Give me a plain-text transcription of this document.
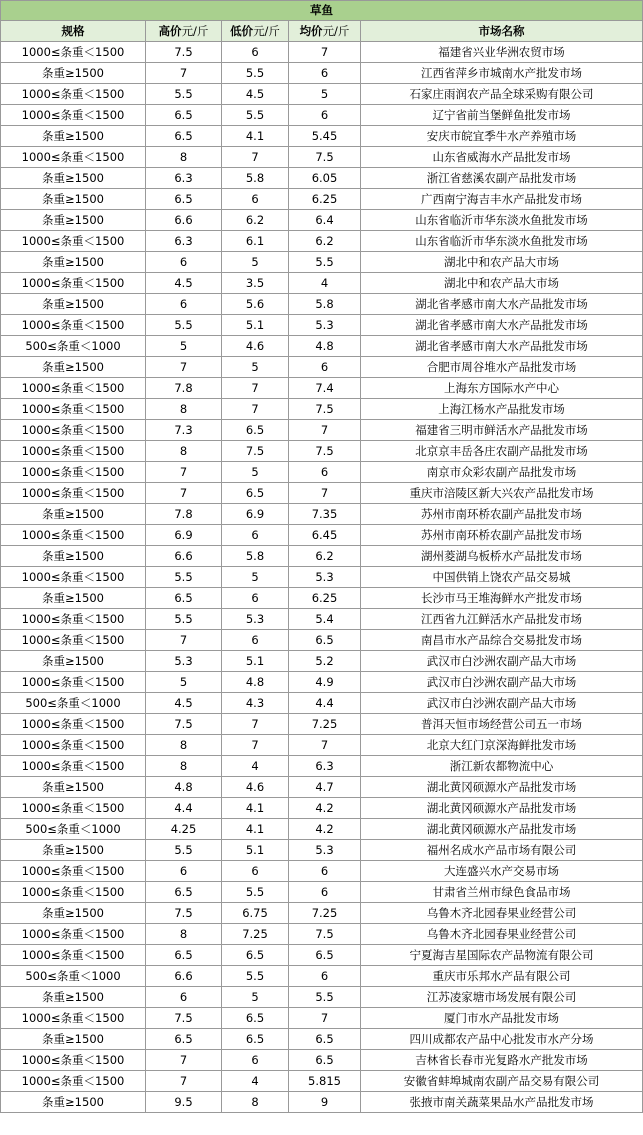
草鱼				
规格	高价元/斤	低价元/斤	均价元/斤	市场名称
1000≤条重＜1500	7.5	6	7	福建省兴业华洲农贸市场
条重≥1500	7	5.5	6	江西省萍乡市城南水产批发市场
1000≤条重＜1500	5.5	4.5	5	石家庄雨润农产品全球采购有限公司
1000≤条重＜1500	6.5	5.5	6	辽宁省前当堡鲜鱼批发市场
条重≥1500	6.5	4.1	5.45	安庆市皖宜季牛水产养殖市场
1000≤条重＜1500	8	7	7.5	山东省威海水产品批发市场
条重≥1500	6.3	5.8	6.05	浙江省慈溪农副产品批发市场
条重≥1500	6.5	6	6.25	广西南宁海吉丰水产品批发市场
条重≥1500	6.6	6.2	6.4	山东省临沂市华东淡水鱼批发市场
1000≤条重＜1500	6.3	6.1	6.2	山东省临沂市华东淡水鱼批发市场
条重≥1500	6	5	5.5	湖北中和农产品大市场
1000≤条重＜1500	4.5	3.5	4	湖北中和农产品大市场
条重≥1500	6	5.6	5.8	湖北省孝感市南大水产品批发市场
1000≤条重＜1500	5.5	5.1	5.3	湖北省孝感市南大水产品批发市场
500≤条重＜1000	5	4.6	4.8	湖北省孝感市南大水产品批发市场
条重≥1500	7	5	6	合肥市周谷堆水产品批发市场
1000≤条重＜1500	7.8	7	7.4	上海东方国际水产中心
1000≤条重＜1500	8	7	7.5	上海江杨水产品批发市场
1000≤条重＜1500	7.3	6.5	7	福建省三明市鲜活水产品批发市场
1000≤条重＜1500	8	7.5	7.5	北京京丰岳各庄农副产品批发市场
1000≤条重＜1500	7	5	6	南京市众彩农副产品批发市场
1000≤条重＜1500	7	6.5	7	重庆市涪陵区新大兴农产品批发市场
条重≥1500	7.8	6.9	7.35	苏州市南环桥农副产品批发市场
1000≤条重＜1500	6.9	6	6.45	苏州市南环桥农副产品批发市场
条重≥1500	6.6	5.8	6.2	湖州菱湖乌板桥水产品批发市场
1000≤条重＜1500	5.5	5	5.3	中国供销上饶农产品交易城
条重≥1500	6.5	6	6.25	长沙市马王堆海鲜水产批发市场
1000≤条重＜1500	5.5	5.3	5.4	江西省九江鲜活水产品批发市场
1000≤条重＜1500	7	6	6.5	南昌市水产品综合交易批发市场
条重≥1500	5.3	5.1	5.2	武汉市白沙洲农副产品大市场
1000≤条重＜1500	5	4.8	4.9	武汉市白沙洲农副产品大市场
500≤条重＜1000	4.5	4.3	4.4	武汉市白沙洲农副产品大市场
1000≤条重＜1500	7.5	7	7.25	普洱天恒市场经营公司五一市场
1000≤条重＜1500	8	7	7	北京大红门京深海鲜批发市场
1000≤条重＜1500	8	4	6.3	浙江新农都物流中心
条重≥1500	4.8	4.6	4.7	湖北黄冈硕源水产品批发市场
1000≤条重＜1500	4.4	4.1	4.2	湖北黄冈硕源水产品批发市场
500≤条重＜1000	4.25	4.1	4.2	湖北黄冈硕源水产品批发市场
条重≥1500	5.5	5.1	5.3	福州名成水产品市场有限公司
1000≤条重＜1500	6	6	6	大连盛兴水产交易市场
1000≤条重＜1500	6.5	5.5	6	甘肃省兰州市绿色食品市场
条重≥1500	7.5	6.75	7.25	乌鲁木齐北园春果业经营公司
1000≤条重＜1500	8	7.25	7.5	乌鲁木齐北园春果业经营公司
1000≤条重＜1500	6.5	6.5	6.5	宁夏海吉星国际农产品物流有限公司
500≤条重＜1000	6.6	5.5	6	重庆市乐邦水产品有限公司
条重≥1500	6	5	5.5	江苏凌家塘市场发展有限公司
1000≤条重＜1500	7.5	6.5	7	厦门市水产品批发市场
条重≥1500	6.5	6.5	6.5	四川成都农产品中心批发市水产分场
1000≤条重＜1500	7	6	6.5	吉林省长春市光复路水产批发市场
1000≤条重＜1500	7	4	5.815	安徽省蚌埠城南农副产品交易有限公司
条重≥1500	9.5	8	9	张掖市南关蔬菜果品水产品批发市场
